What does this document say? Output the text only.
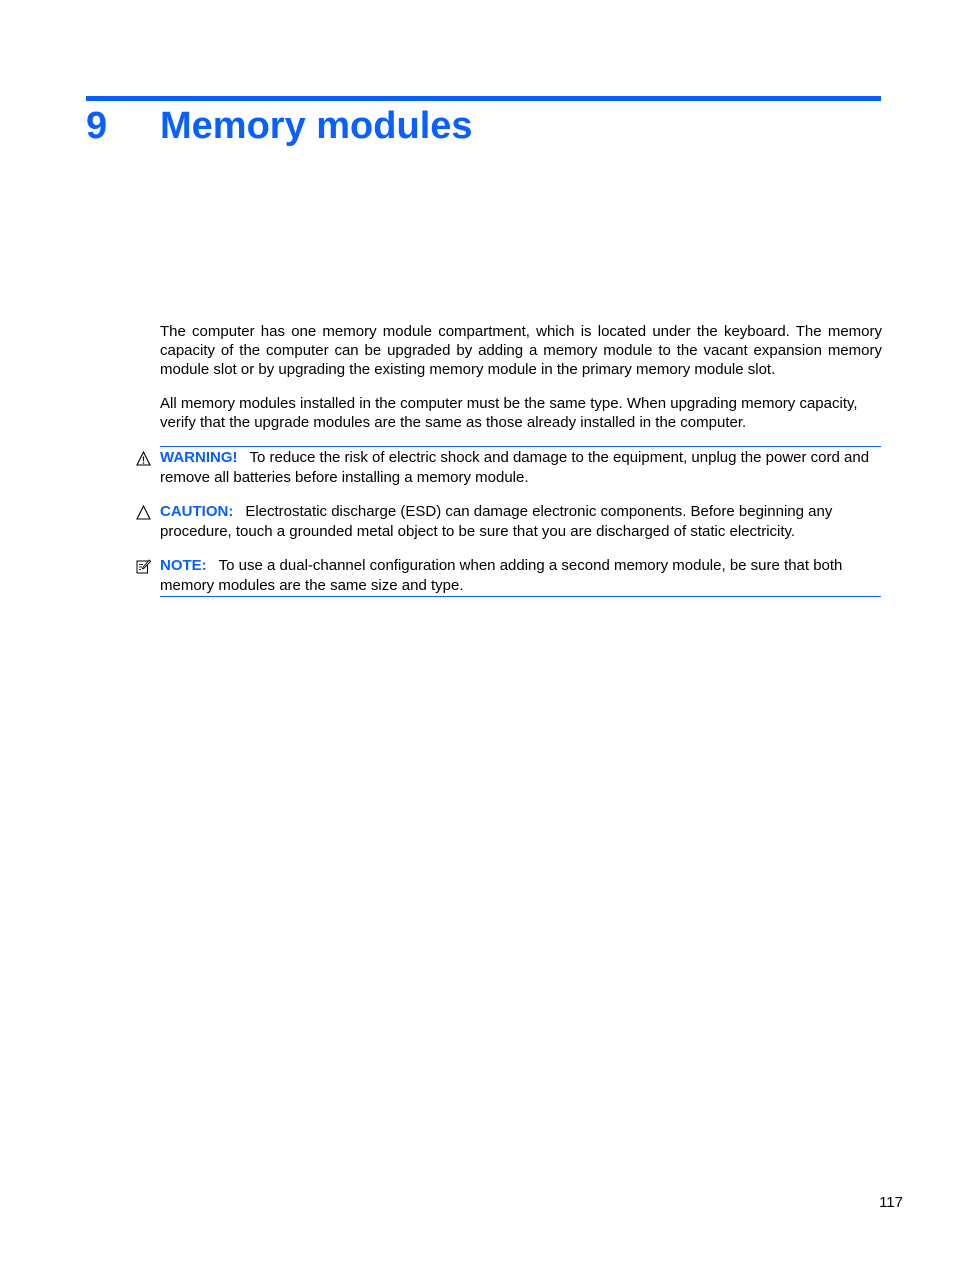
9 Memory modules

The computer has one memory module compartment, which is located under the keyboard. The memory capacity of the computer can be upgraded by adding a memory module to the vacant expansion memory module slot or by upgrading the existing memory module in the primary memory module slot.

All memory modules installed in the computer must be the same type. When upgrading memory capacity, verify that the upgrade modules are the same as those already installed in the computer.

WARNING! To reduce the risk of electric shock and damage to the equipment, unplug the power cord and remove all batteries before installing a memory module.

CAUTION: Electrostatic discharge (ESD) can damage electronic components. Before beginning any procedure, touch a grounded metal object to be sure that you are discharged of static electricity.

NOTE: To use a dual-channel configuration when adding a second memory module, be sure that both memory modules are the same size and type.

117
